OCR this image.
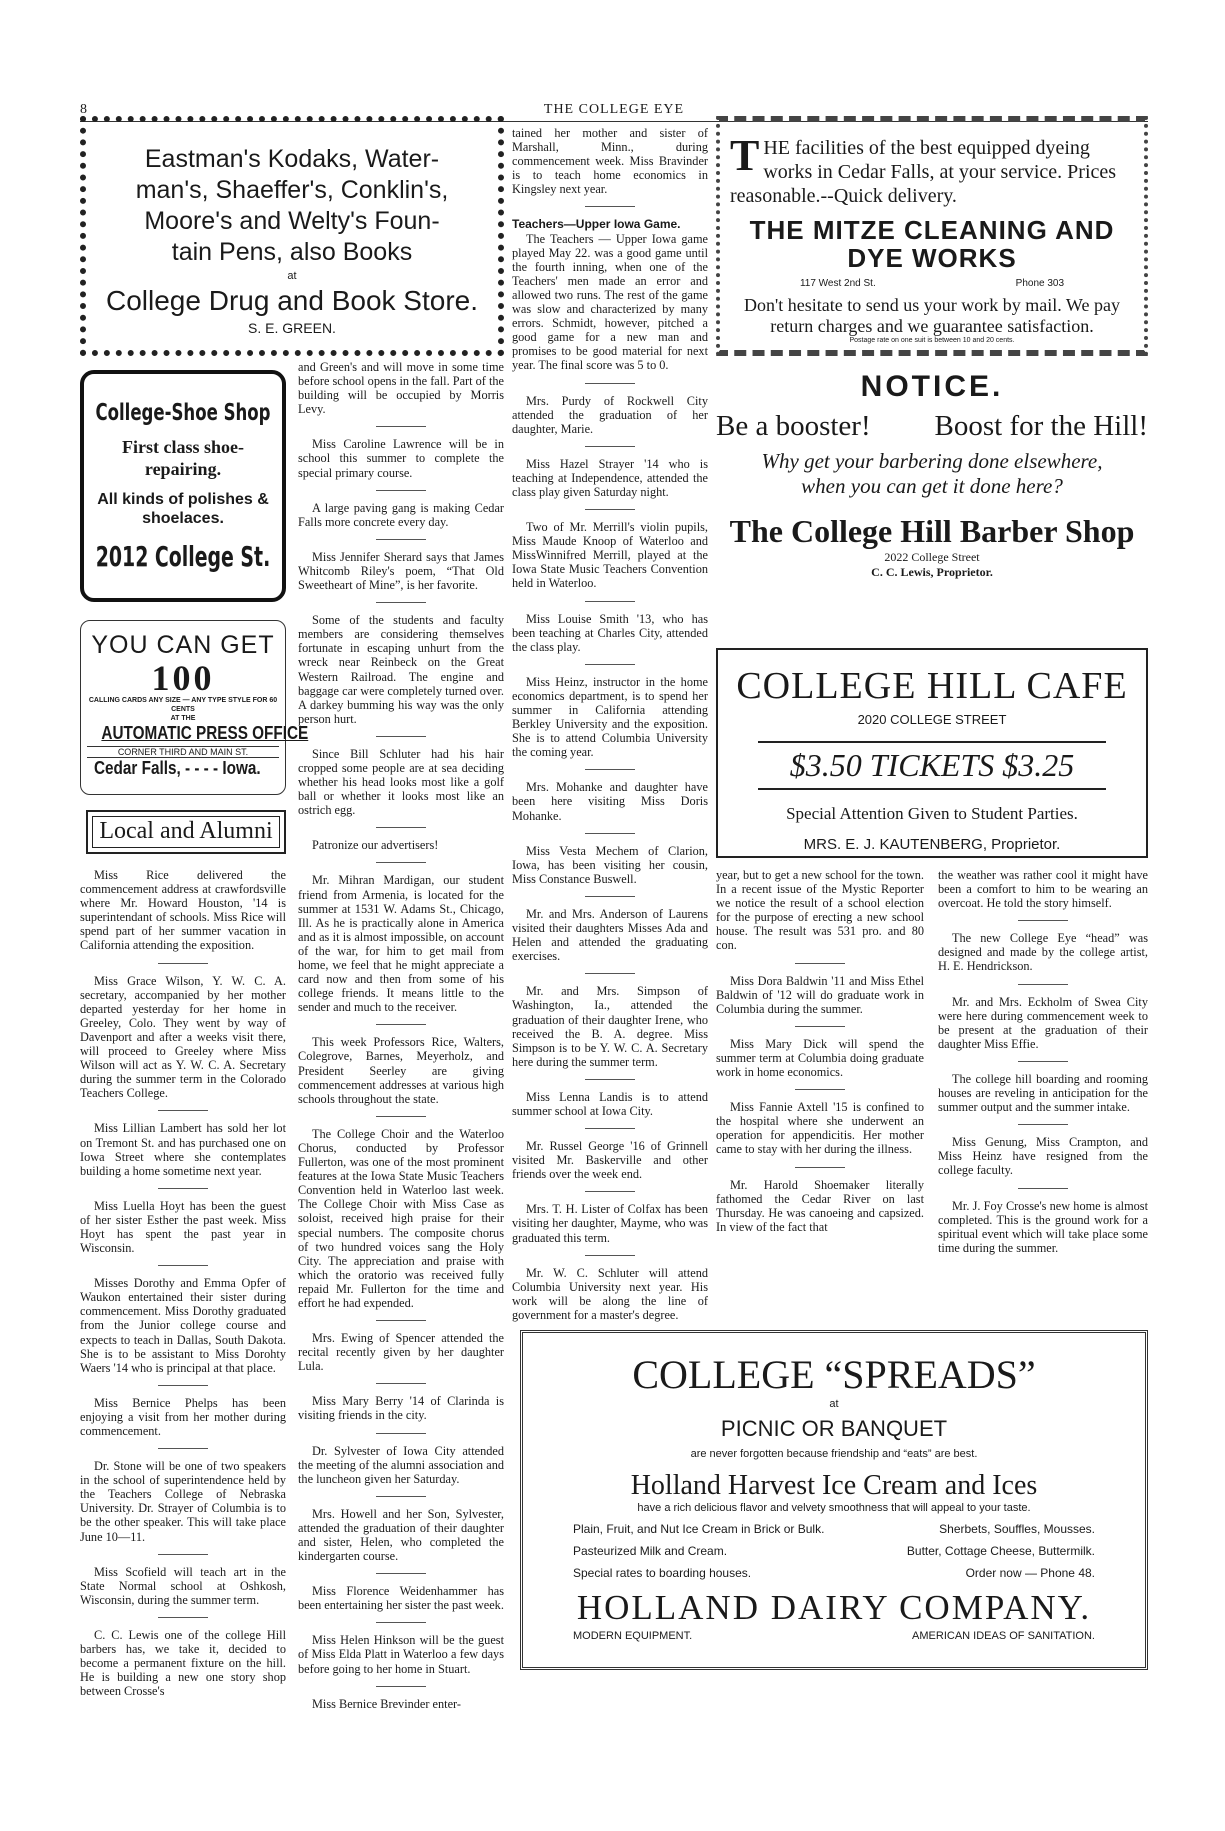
8	THE COLLEGE EYE
Eastman's Kodaks, Water-
man's, Shaeffer's, Conklin's,
Moore's and Welty's Foun-
tain Pens, also Books
at
College Drug and Book Store.
S. E. GREEN.
College-Shoe Shop
First class shoe-repairing.
All kinds of polishes & shoelaces.
2012 College St.
YOU CAN GET
100
CALLING CARDS ANY SIZE — ANY TYPE STYLE FOR 60 CENTS
AT THE
AUTOMATIC PRESS OFFICE
CORNER THIRD AND MAIN ST.
Cedar Falls, - - - - Iowa.
Local and Alumni

Miss Rice delivered the commencement address at crawfordsville where Mr. Howard Houston, '14 is superintendant of schools. Miss Rice will spend part of her summer vacation in California attending the exposition.

Miss Grace Wilson, Y. W. C. A. secretary, accompanied by her mother departed yesterday for her home in Greeley, Colo. They went by way of Davenport and after a weeks visit there, will proceed to Greeley where Miss Wilson will act as Y. W. C. A. Secretary during the summer term in the Colorado Teachers College.

Miss Lillian Lambert has sold her lot on Tremont St. and has purchased one on Iowa Street where she contemplates building a home sometime next year.

Miss Luella Hoyt has been the guest of her sister Esther the past week. Miss Hoyt has spent the past year in Wisconsin.

Misses Dorothy and Emma Opfer of Waukon entertained their sister during commencement. Miss Dorothy graduated from the Junior college course and expects to teach in Dallas, South Dakota. She is to be assistant to Miss Dorohty Waers '14 who is principal at that place.

Miss Bernice Phelps has been enjoying a visit from her mother during commencement.

Dr. Stone will be one of two speakers in the school of superintendence held by the Teachers College of Nebraska University. Dr. Strayer of Columbia is to be the other speaker. This will take place June 10—11.

Miss Scofield will teach art in the State Normal school at Oshkosh, Wisconsin, during the summer term.

C. C. Lewis one of the college Hill barbers has, we take it, decided to become a permanent fixture on the hill. He is building a new one story shop between Crosse's

and Green's and will move in some time before school opens in the fall. Part of the building will be occupied by Morris Levy.

Miss Caroline Lawrence will be in school this summer to complete the special primary course.

A large paving gang is making Cedar Falls more concrete every day.

Miss Jennifer Sherard says that James Whitcomb Riley's poem, “That Old Sweetheart of Mine”, is her favorite.

Some of the students and faculty members are considering themselves fortunate in escaping unhurt from the wreck near Reinbeck on the Great Western Railroad. The engine and baggage car were completely turned over. A darkey bumming his way was the only person hurt.

Since Bill Schluter had his hair cropped some people are at sea deciding whether his head looks most like a golf ball or whether it looks most like an ostrich egg.

Patronize our advertisers!

Mr. Mihran Mardigan, our student friend from Armenia, is located for the summer at 1531 W. Adams St., Chicago, Ill. As he is practically alone in America and as it is almost impossible, on account of the war, for him to get mail from home, we feel that he might appreciate a card now and then from some of his college friends. It means little to the sender and much to the receiver.

This week Professors Rice, Walters, Colegrove, Barnes, Meyerholz, and President Seerley are giving commencement addresses at various high schools throughout the state.

The College Choir and the Waterloo Chorus, conducted by Professor Fullerton, was one of the most prominent features at the Iowa State Music Teachers Convention held in Waterloo last week. The College Choir with Miss Case as soloist, received high praise for their special numbers. The composite chorus of two hundred voices sang the Holy City. The appreciation and praise with which the oratorio was received fully repaid Mr. Fullerton for the time and effort he had expended.

Mrs. Ewing of Spencer attended the recital recently given by her daughter Lula.

Miss Mary Berry '14 of Clarinda is visiting friends in the city.

Dr. Sylvester of Iowa City attended the meeting of the alumni association and the luncheon given her Saturday.

Mrs. Howell and her Son, Sylvester, attended the graduation of their daughter and sister, Helen, who completed the kindergarten course.

Miss Florence Weidenhammer has been entertaining her sister the past week.

Miss Helen Hinkson will be the guest of Miss Elda Platt in Waterloo a few days before going to her home in Stuart.

Miss Bernice Brevinder enter-

tained her mother and sister of Marshall, Minn., during commencement week. Miss Bravinder is to teach home economics in Kingsley next year.

Teachers—Upper Iowa Game.

The Teachers — Upper Iowa game played May 22. was a good game until the fourth inning, when one of the Teachers' men made an error and allowed two runs. The rest of the game was slow and characterized by many errors. Schmidt, however, pitched a good game for a new man and promises to be good material for next year. The final score was 5 to 0.

Mrs. Purdy of Rockwell City attended the graduation of her daughter, Marie.

Miss Hazel Strayer '14 who is teaching at Independence, attended the class play given Saturday night.

Two of Mr. Merrill's violin pupils, Miss Maude Knoop of Waterloo and MissWinnifred Merrill, played at the Iowa State Music Teachers Convention held in Waterloo.

Miss Louise Smith '13, who has been teaching at Charles City, attended the class play.

Miss Heinz, instructor in the home economics department, is to spend her summer in California attending Berkley University and the exposition. She is to attend Columbia University the coming year.

Mrs. Mohanke and daughter have been here visiting Miss Doris Mohanke.

Miss Vesta Mechem of Clarion, Iowa, has been visiting her cousin, Miss Constance Buswell.

Mr. and Mrs. Anderson of Laurens visited their daughters Misses Ada and Helen and attended the graduating exercises.

Mr. and Mrs. Simpson of Washington, Ia., attended the graduation of their daughter Irene, who received the B. A. degree. Miss Simpson is to be Y. W. C. A. Secretary here during the summer term.

Miss Lenna Landis is to attend summer school at Iowa City.

Mr. Russel George '16 of Grinnell visited Mr. Baskerville and other friends over the week end.

Mrs. T. H. Lister of Colfax has been visiting her daughter, Mayme, who was graduated this term.

Mr. W. C. Schluter will attend Columbia University next year. His work will be along the line of government for a master's degree.

THE facilities of the best equipped dyeing works in Cedar Falls, at your service. Prices reasonable.--Quick delivery.
THE MITZE CLEANING AND DYE WORKS
117 West 2nd St.	Phone 303
Don't hesitate to send us your work by mail. We pay return charges and we guarantee satisfaction.
Postage rate on one suit is between 10 and 20 cents.
NOTICE.
Be a booster! Boost for the Hill!
Why get your barbering done elsewhere,
when you can get it done here?
The College Hill Barber Shop
2022 College Street
C. C. Lewis, Proprietor.
COLLEGE HILL CAFE
2020 COLLEGE STREET
$3.50 TICKETS $3.25
Special Attention Given to Student Parties.
MRS. E. J. KAUTENBERG, Proprietor.

year, but to get a new school for the town. In a recent issue of the Mystic Reporter we notice the result of a school election for the purpose of erecting a new school house. The result was 531 pro. and 80 con.

Miss Dora Baldwin '11 and Miss Ethel Baldwin of '12 will do graduate work in Columbia during the summer.

Miss Mary Dick will spend the summer term at Columbia doing graduate work in home economics.

Miss Fannie Axtell '15 is confined to the hospital where she underwent an operation for appendicitis. Her mother came to stay with her during the illness.

Mr. Harold Shoemaker literally fathomed the Cedar River on last Thursday. He was canoeing and capsized. In view of the fact that

the weather was rather cool it might have been a comfort to him to be wearing an overcoat. He told the story himself.

The new College Eye “head” was designed and made by the college artist, H. E. Hendrickson.

Mr. and Mrs. Eckholm of Swea City were here during commencement week to be present at the graduation of their daughter Miss Effie.

The college hill boarding and rooming houses are reveling in anticipation for the summer output and the summer intake.

Miss Genung, Miss Crampton, and Miss Heinz have resigned from the college faculty.

Mr. J. Foy Crosse's new home is almost completed. This is the ground work for a spiritual event which will take place some time during the summer.

COLLEGE “SPREADS”
at
PICNIC OR BANQUET
are never forgotten because friendship and “eats” are best.
Holland Harvest Ice Cream and Ices
have a rich delicious flavor and velvety smoothness that will appeal to your taste.
Plain, Fruit, and Nut Ice Cream in Brick or Bulk.	Sherbets, Souffles, Mousses.
Pasteurized Milk and Cream.	Butter, Cottage Cheese, Buttermilk.
Special rates to boarding houses.	Order now — Phone 48.
HOLLAND DAIRY COMPANY.
MODERN EQUIPMENT.	AMERICAN IDEAS OF SANITATION.
